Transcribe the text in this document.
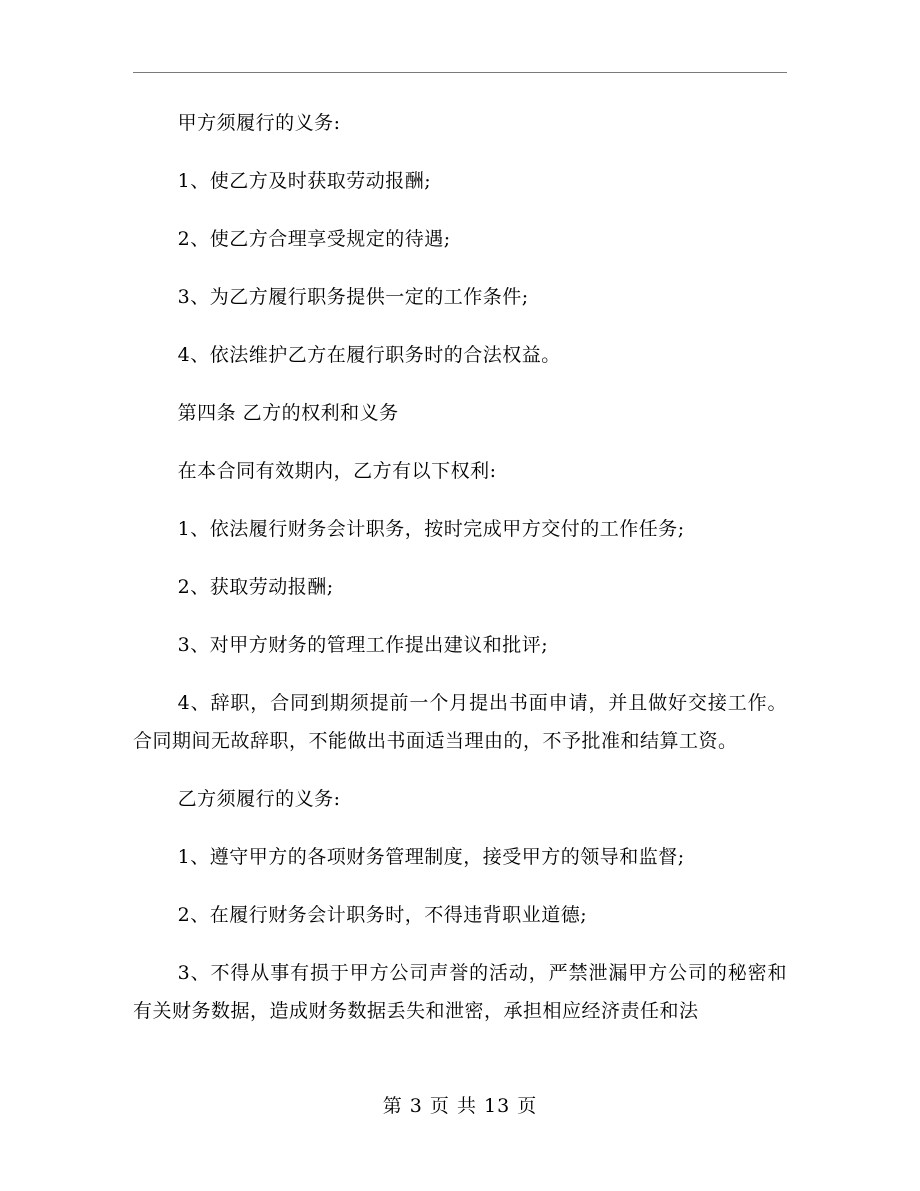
甲方须履行的义务:

1、使乙方及时获取劳动报酬;

2、使乙方合理享受规定的待遇;

3、为乙方履行职务提供一定的工作条件;

4、依法维护乙方在履行职务时的合法权益。

第四条 乙方的权利和义务

在本合同有效期内，乙方有以下权利:

1、依法履行财务会计职务，按时完成甲方交付的工作任务;

2、获取劳动报酬;

3、对甲方财务的管理工作提出建议和批评;

4、辞职，合同到期须提前一个月提出书面申请，并且做好交接工作。合同期间无故辞职，不能做出书面适当理由的，不予批准和结算工资。

乙方须履行的义务:

1、遵守甲方的各项财务管理制度，接受甲方的领导和监督;

2、在履行财务会计职务时，不得违背职业道德;

3、不得从事有损于甲方公司声誉的活动，严禁泄漏甲方公司的秘密和有关财务数据，造成财务数据丢失和泄密，承担相应经济责任和法

第 3 页 共 13 页
